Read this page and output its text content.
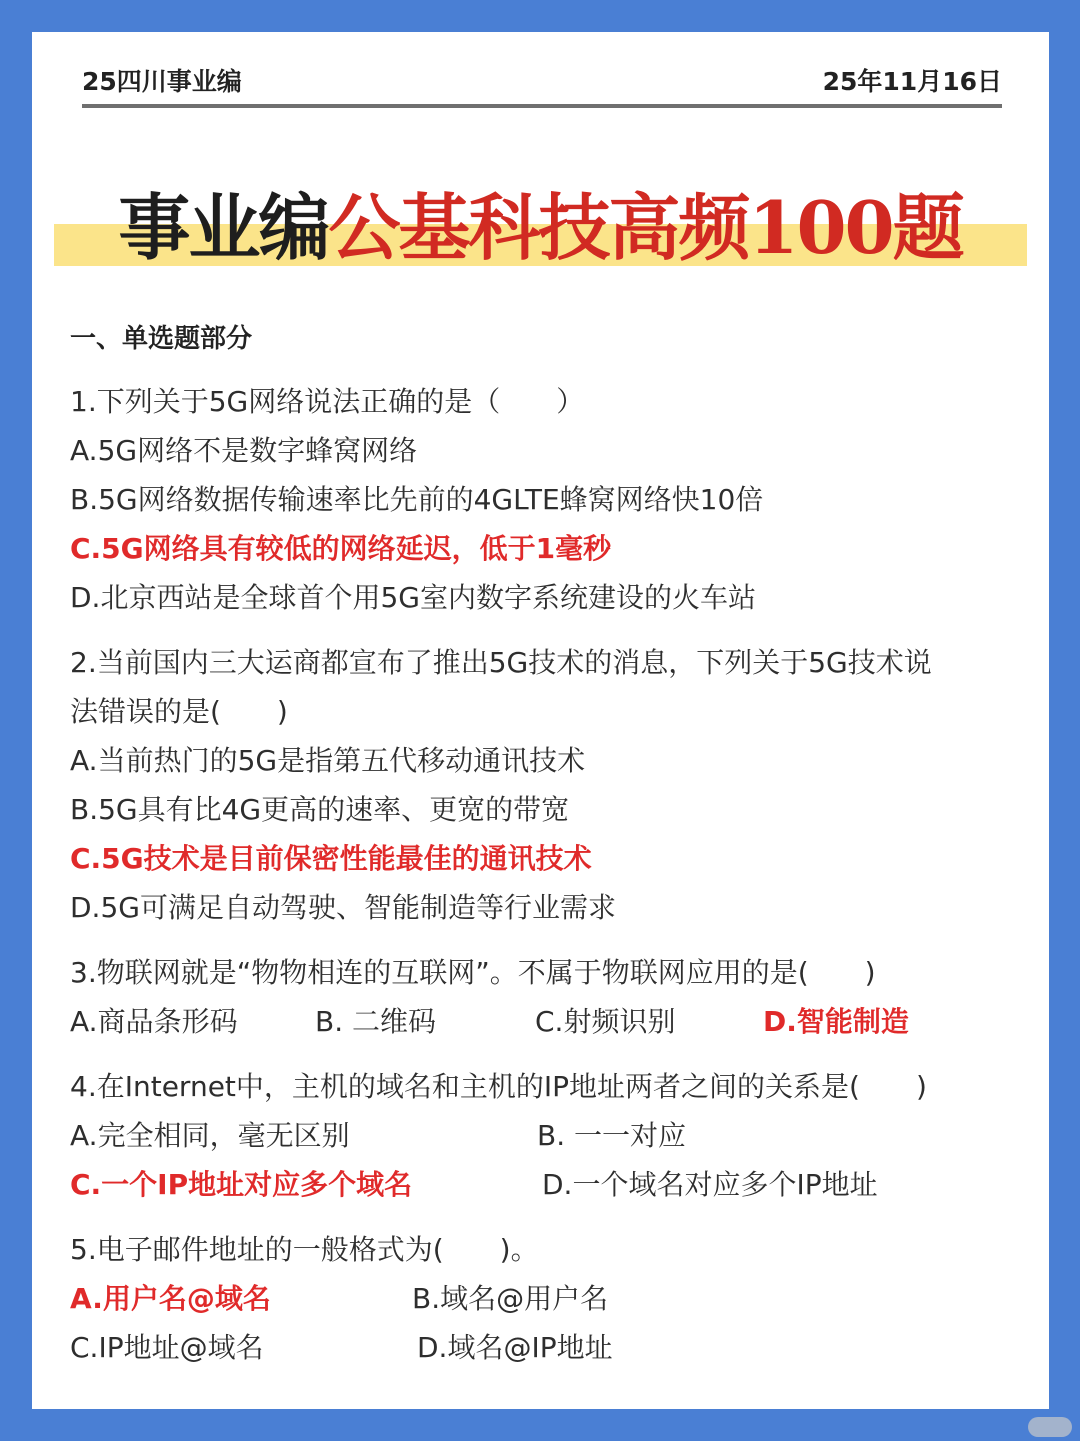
25四川事业编	25年11月16日
事业编公基科技高频100题
一、单选题部分
1.下列关于5G网络说法正确的是（　　）
A.5G网络不是数字蜂窝网络
B.5G网络数据传输速率比先前的4GLTE蜂窝网络快10倍
C.5G网络具有较低的网络延迟，低于1毫秒
D.北京西站是全球首个用5G室内数字系统建设的火车站
2.当前国内三大运商都宣布了推出5G技术的消息，下列关于5G技术说
法错误的是(　　)
A.当前热门的5G是指第五代移动通讯技术
B.5G具有比4G更高的速率、更宽的带宽
C.5G技术是目前保密性能最佳的通讯技术
D.5G可满足自动驾驶、智能制造等行业需求
3.物联网就是“物物相连的互联网”。不属于物联网应用的是(　　)
A.商品条形码	B. 二维码	C.射频识别	D.智能制造
4.在Internet中，主机的域名和主机的IP地址两者之间的关系是(　　)
A.完全相同，毫无区别	B. 一一对应
C.一个IP地址对应多个域名	D.一个域名对应多个IP地址
5.电子邮件地址的一般格式为(　　)。
A.用户名@域名	B.域名@用户名
C.IP地址@域名	D.域名@IP地址
